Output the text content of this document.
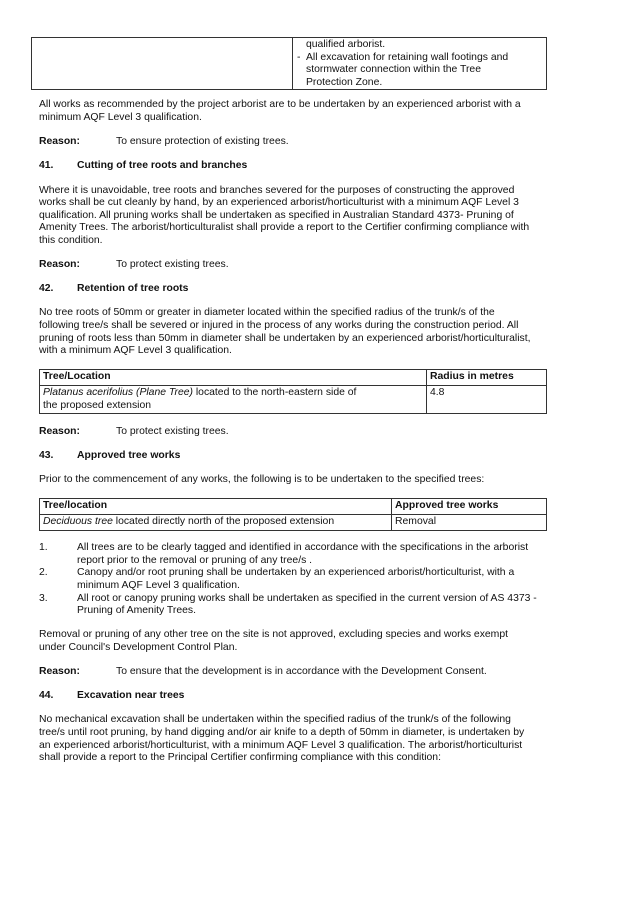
qualified arborist.
- All excavation for retaining wall footings and
stormwater connection within the Tree
Protection Zone.

All works as recommended by the project arborist are to be undertaken by an experienced arborist with a
minimum AQF Level 3 qualification.

Reason:	To ensure protection of existing trees.
41.	Cutting of tree roots and branches

Where it is unavoidable, tree roots and branches severed for the purposes of constructing the approved
works shall be cut cleanly by hand, by an experienced arborist/horticulturist with a minimum AQF Level 3
qualification. All pruning works shall be undertaken as specified in Australian Standard 4373- Pruning of
Amenity Trees. The arborist/horticulturalist shall provide a report to the Certifier confirming compliance with
this condition.

Reason:	To protect existing trees.
42.	Retention of tree roots

No tree roots of 50mm or greater in diameter located within the specified radius of the trunk/s of the
following tree/s shall be severed or injured in the process of any works during the construction period. All
pruning of roots less than 50mm in diameter shall be undertaken by an experienced arborist/horticulturalist,
with a minimum AQF Level 3 qualification.

Tree/Location	Radius in metres
Platanus acerifolius (Plane Tree) located to the north-eastern side of
the proposed extension	4.8
Reason:	To protect existing trees.
43.	Approved tree works

Prior to the commencement of any works, the following is to be undertaken to the specified trees:

Tree/location	Approved tree works
Deciduous tree located directly north of the proposed extension	Removal
1.	All trees are to be clearly tagged and identified in accordance with the specifications in the arborist
report prior to the removal or pruning of any tree/s .
2.	Canopy and/or root pruning shall be undertaken by an experienced arborist/horticulturist, with a
minimum AQF Level 3 qualification.
3.	All root or canopy pruning works shall be undertaken as specified in the current version of AS 4373 -
Pruning of Amenity Trees.

Removal or pruning of any other tree on the site is not approved, excluding species and works exempt
under Council's Development Control Plan.

Reason:	To ensure that the development is in accordance with the Development Consent.
44.	Excavation near trees

No mechanical excavation shall be undertaken within the specified radius of the trunk/s of the following
tree/s until root pruning, by hand digging and/or air knife to a depth of 50mm in diameter, is undertaken by
an experienced arborist/horticulturist, with a minimum AQF Level 3 qualification. The arborist/horticulturist
shall provide a report to the Principal Certifier confirming compliance with this condition:
